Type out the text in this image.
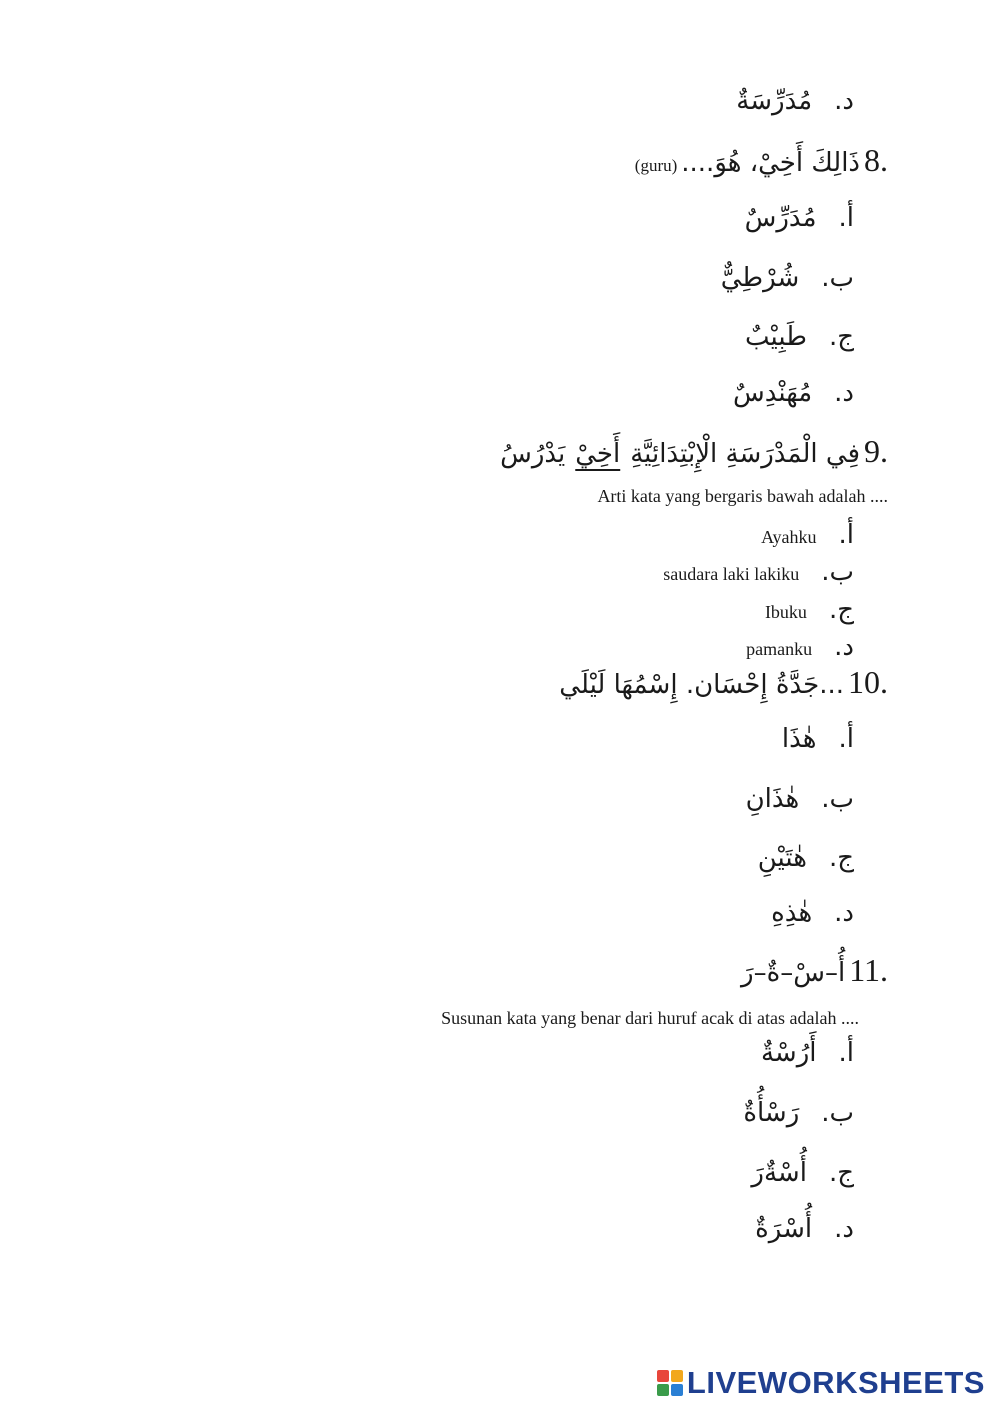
د.
مُدَرِّسَةٌ
8.
ذَالِكَ أَخِيْ، هُوَ....
(guru)
أ.
مُدَرِّسٌ
ب.
شُرْطِيٌّ
ج.
طَبِيْبٌ
د.
مُهَنْدِسٌ
9.
يَدْرُسُ أَخِيْ فِي الْمَدْرَسَةِ الْإِبْتِدَائِيَّةِ
Arti kata yang bergaris bawah adalah ....
أ.
Ayahku
ب.
saudara laki lakiku
ج.
Ibuku
د.
pamanku
10.
...جَدَّةُ إِحْسَان. إِسْمُهَا لَيْلَي
أ.
هٰذَا
ب.
هٰذَانِ
ج.
هٰتَيْنِ
د.
هٰذِهِ
11.
أُ–سْ–ةٌ–رَ
Susunan kata yang benar dari huruf acak di atas adalah ....
أ.
أَرُسْةٌ
ب.
رَسْأُةٌ
ج.
أُسْةٌرَ
د.
أُسْرَةٌ
LIVEWORKSHEETS
